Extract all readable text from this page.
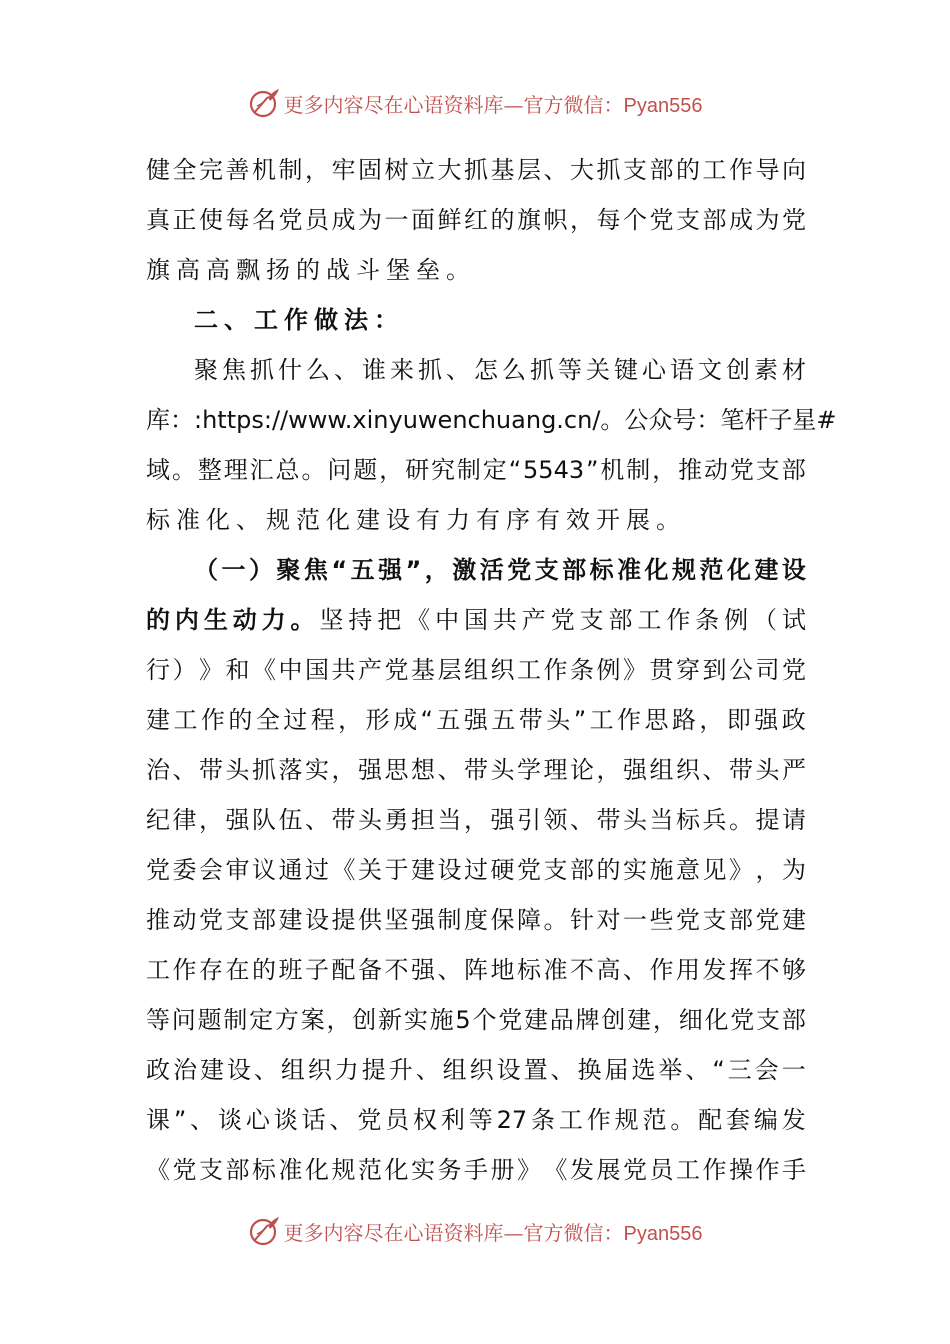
更多内容尽在心语资料库—官方微信：Pyan556
健 全 完 善 机 制 ， 牢 固 树 立 大 抓 基 层 、 大 抓 支 部 的 工 作 导 向
真 正 使 每 名 党 员 成 为 一 面 鲜 红 的 旗 帜 ， 每 个 党 支 部 成 为 党
旗 高 高 飘 扬 的 战 斗 堡 垒 。
二 、 工 作 做 法 ：
聚 焦 抓 什 么 、 谁 来 抓 、 怎 么 抓 等 关 键 心 语 文 创 素 材
库 ： :https://www.xinyuwenchuang.cn/ 。 公 众 号 ： 笔 杆 子 星 #
域 。 整 理 汇 总 。 问 题 ， 研 究 制 定 “ 5543 ” 机 制 ， 推 动 党 支 部
标 准 化 、 规 范 化 建 设 有 力 有 序 有 效 开 展 。
（ 一 ） 聚 焦 “ 五 强 ” ， 激 活 党 支 部 标 准 化 规 范 化 建 设
的 内 生 动 力 。 坚 持 把 《 中 国 共 产 党 支 部 工 作 条 例 （ 试
行 ） 》 和 《 中 国 共 产 党 基 层 组 织 工 作 条 例 》 贯 穿 到 公 司 党
建 工 作 的 全 过 程 ， 形 成 “ 五 强 五 带 头 ” 工 作 思 路 ， 即 强 政
治 、 带 头 抓 落 实 ， 强 思 想 、 带 头 学 理 论 ， 强 组 织 、 带 头 严
纪 律 ， 强 队 伍 、 带 头 勇 担 当 ， 强 引 领 、 带 头 当 标 兵 。 提 请
党 委 会 审 议 通 过 《 关 于 建 设 过 硬 党 支 部 的 实 施 意 见 》 ， 为
推 动 党 支 部 建 设 提 供 坚 强 制 度 保 障 。 针 对 一 些 党 支 部 党 建
工 作 存 在 的 班 子 配 备 不 强 、 阵 地 标 准 不 高 、 作 用 发 挥 不 够
等 问 题 制 定 方 案 ， 创 新 实 施 5 个 党 建 品 牌 创 建 ， 细 化 党 支 部
政 治 建 设 、 组 织 力 提 升 、 组 织 设 置 、 换 届 选 举 、 “ 三 会 一
课 ” 、 谈 心 谈 话 、 党 员 权 利 等 27 条 工 作 规 范 。 配 套 编 发
《 党 支 部 标 准 化 规 范 化 实 务 手 册 》 《 发 展 党 员 工 作 操 作 手
更多内容尽在心语资料库—官方微信：Pyan556
